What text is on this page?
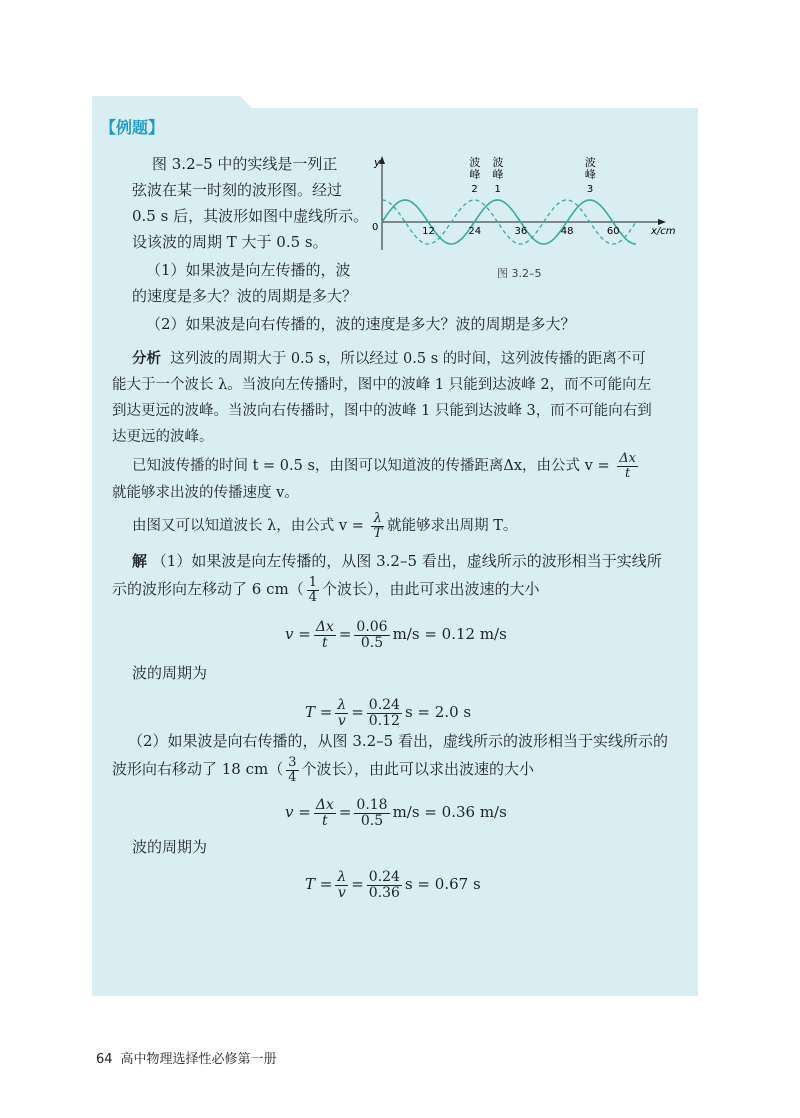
【例题】

图 3.2–5 中的实线是一列正

弦波在某一时刻的波形图。经过

0.5 s 后，其波形如图中虚线所示。

设该波的周期 T 大于 0.5 s。

（1）如果波是向左传播的，波

的速度是多大？波的周期是多大？

（2）如果波是向右传播的，波的速度是多大？波的周期是多大？

y
0	x/cm
12	24	36	48	60
波
峰
2
波
峰
1
波
峰
3
图 3.2–5

分析 这列波的周期大于 0.5 s，所以经过 0.5 s 的时间，这列波传播的距离不可

能大于一个波长 λ。当波向左传播时，图中的波峰 1 只能到达波峰 2，而不可能向左

到达更远的波峰。当波向右传播时，图中的波峰 1 只能到达波峰 3，而不可能向右到

达更远的波峰。

已知波传播的时间 t = 0.5 s，由图可以知道波的传播距离Δx，由公式 $v = \frac{\Delta x}{t}$

就能够求出波的传播速度 v。

由图又可以知道波长 λ，由公式 $v = \frac{\lambda}{T}$ 就能够求出周期 T。

解 （1）如果波是向左传播的，从图 3.2–5 看出，虚线所示的波形相当于实线所

示的波形向左移动了 6 $cm( \frac{1}{4}$ 个波长），由此可求出波速的大小

$v = \frac{\Delta x}{t} = \frac{0.06}{0.5} m/s = 0.12$ m/s

波的周期为

$T = \frac{\lambda}{v} = \frac{0.24}{0.12}$ s = 2.0 s

（2）如果波是向右传播的，从图 3.2–5 看出，虚线所示的波形相当于实线所示的

波形向右移动了 18 $cm( \frac{3}{4}$ 个波长），由此可以求出波速的大小

$v = \frac{\Delta x}{t} = \frac{0.18}{0.5} m/s = 0.36$ m/s

波的周期为

$T = \frac{\lambda}{v} = \frac{0.24}{0.36}$ s = 0.67 s
64 高中物理选择性必修第一册
